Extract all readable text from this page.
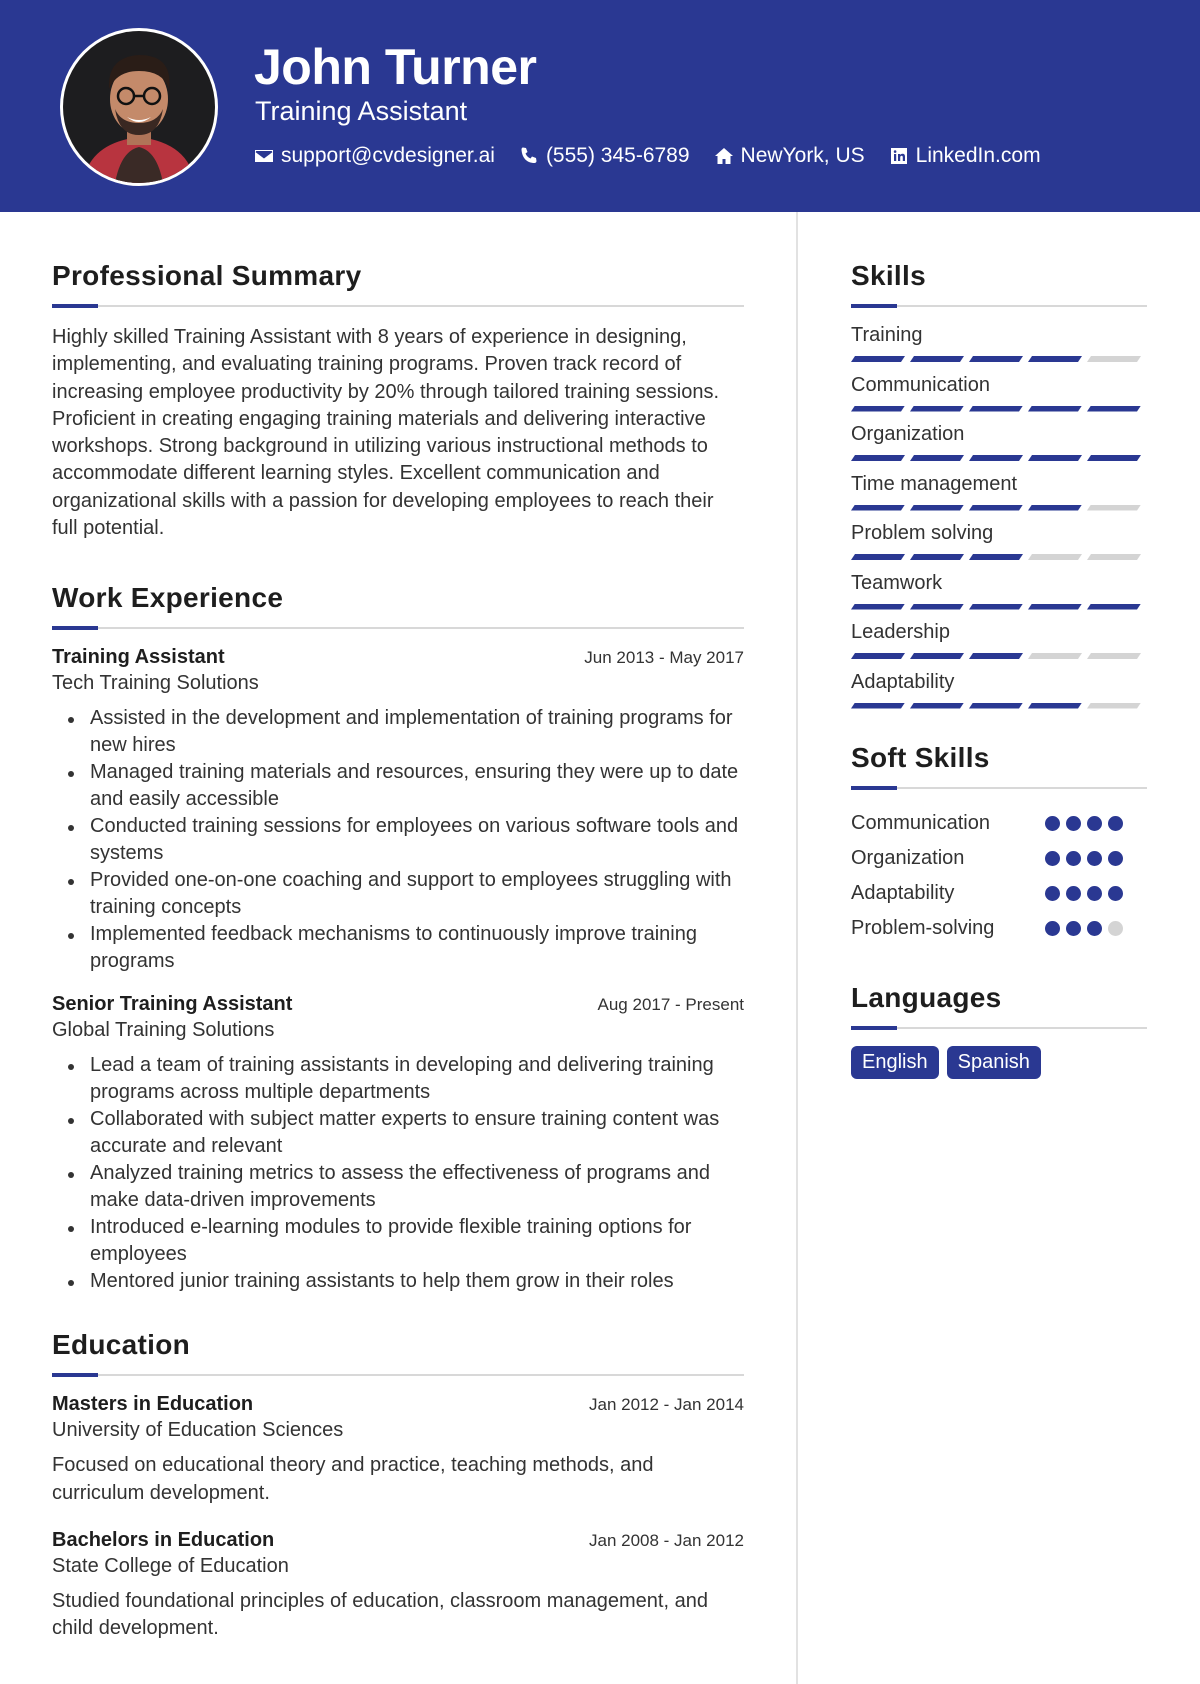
John Turner
Training Assistant
support@cvdesigner.ai (555) 345-6789 NewYork, US LinkedIn.com
Professional Summary

Highly skilled Training Assistant with 8 years of experience in designing, implementing, and evaluating training programs. Proven track record of increasing employee productivity by 20% through tailored training sessions. Proficient in creating engaging training materials and delivering interactive workshops. Strong background in utilizing various instructional methods to accommodate different learning styles. Excellent communication and organizational skills with a passion for developing employees to reach their full potential.

Work Experience
Training Assistant	Jun 2013 - May 2017
Tech Training Solutions
Assisted in the development and implementation of training programs for new hires
Managed training materials and resources, ensuring they were up to date and easily accessible
Conducted training sessions for employees on various software tools and systems
Provided one-on-one coaching and support to employees struggling with training concepts
Implemented feedback mechanisms to continuously improve training programs
Senior Training Assistant	Aug 2017 - Present
Global Training Solutions
Lead a team of training assistants in developing and delivering training programs across multiple departments
Collaborated with subject matter experts to ensure training content was accurate and relevant
Analyzed training metrics to assess the effectiveness of programs and make data-driven improvements
Introduced e-learning modules to provide flexible training options for employees
Mentored junior training assistants to help them grow in their roles
Education
Masters in Education	Jan 2012 - Jan 2014
University of Education Sciences

Focused on educational theory and practice, teaching methods, and curriculum development.

Bachelors in Education	Jan 2008 - Jan 2012
State College of Education

Studied foundational principles of education, classroom management, and child development.

Skills
Training
Communication
Organization
Time management
Problem solving
Teamwork
Leadership
Adaptability
Soft Skills
Communication
Organization
Adaptability
Problem-solving
Languages
English	Spanish
